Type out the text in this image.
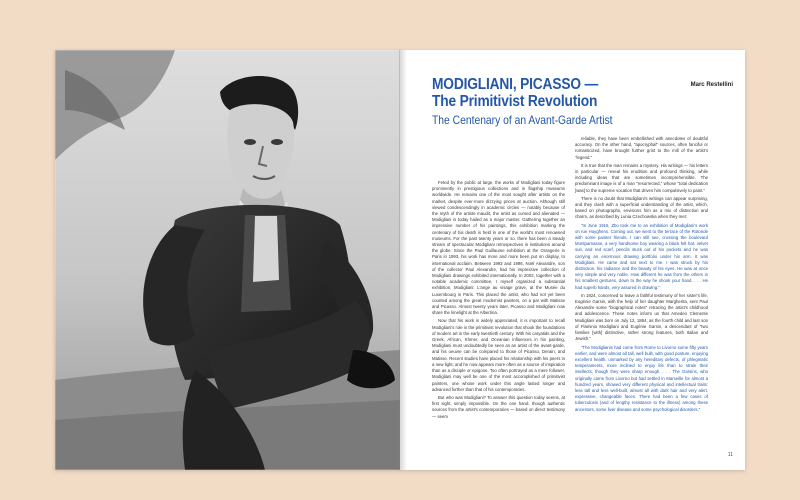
MODIGLIANI, PICASSO —
The Primitivist Revolution
The Centenary of an Avant-Garde Artist
Marc Restellini

Feted by the public at large, the works of Modigliani today figure prominently in prestigious collections and in flagship museums worldwide. He remains one of the most sought after artists on the market, despite ever-more dizzying prices at auction. Although still viewed condescendingly in academic circles — notably because of the myth of the artiste maudit, the artist as cursed and alienated — Modigliani is today hailed as a major master. Gathering together an impressive number of his paintings, this exhibition marking the centenary of his death is held in one of the world's most renowned museums. For the past twenty years or so, there has been a steady stream of spectacular Modigliani retrospectives in institutions around the globe. Since the Paul Guillaume exhibition at the Orangerie in Paris in 1993, his work has more and more been put on display, to international acclaim. Between 1993 and 1996, Noël Alexandre, son of the collector Paul Alexandre, had his impressive collection of Modigliani drawings exhibited internationally. In 2002, together with a notable academic committee, I myself organized a substantial exhibition, Modigliani: L'ange au visage grave, at the Musée du Luxembourg in Paris. This placed the artist, who had not yet been counted among the great modernist painters, on a par with Matisse and Picasso. Almost twenty years later, Picasso and Modigliani now share the limelight at the Albertina.

Now that his work is widely appreciated, it is important to recall Modigliani's role in the primitivist revolution that shook the foundations of modern art in the early twentieth century. With his caryatids and the Greek, African, Khmer, and Oceanian influences in his painting, Modigliani must undoubtedly be seen as an artist of the avant-garde, and his oeuvre can be compared to those of Picasso, Derain, and Matisse. Recent studies have placed his relationship with his peers in a new light; and he now appears more often as a source of inspiration than as a disciple or epigone. Too often portrayed as a mere follower, Modigliani may well be one of the most accomplished of primitivist painters, one whose work under this angle lasted longer and advanced further than that of his contemporaries.

But who was Modigliani? To answer this question today seems, at first sight, simply impossible. On the one hand, though authentic sources from the artist's contemporaries — based on direct testimony — seem

reliable, they have been embellished with anecdotes of doubtful accuracy. On the other hand, "apocryphal" sources, often fanciful or romanticized, have brought further grist to the mill of the artist's "legend."

It is true that the man remains a mystery. His writings — his letters in particular — reveal his erudition and profound thinking, while including ideas that are sometimes incomprehensible. The predominant image is of a man "resurrected," whose "total dedication [was] to the supreme vocation that drives him compulsively to paint."

There is no doubt that Modigliani's writings can appear surprising, and they clash with a superficial understanding of the artist, which, based on photographs, envisions him as a mix of distinction and charm, as described by Lunia Czechowska when they met:

"In June 1916, Zbo took me to an exhibition of Modigliani's work on rue Huyghens. Coming out, we went to the terrace of the Rotonde with some painter friends. I can still see, crossing the boulevard Montparnasse, a very handsome boy wearing a black felt hat, velvet suit, and red scarf, pencils stuck out of his pockets and he was carrying an enormous drawing portfolio under his arm. It was Modigliani. He came and sat next to me. I was struck by his distinction, his radiance and the beauty of his eyes. He was at once very simple and very noble. How different he was from the others in his smallest gestures, down to the way he shook your hand. . . . He had superb hands, very assured in drawing."

In 1924, concerned to leave a faithful testimony of her sister's life, Eugénie Garsin, with the help of her daughter Margherita, sent Paul Alexandre some "biographical notes" retracing the artist's childhood and adolescence. These notes inform us that Amedeo Clemente Modigliani was born on July 12, 1884, as the fourth child and last son of Flaminio Modigliani and Eugénie Garsin, a descendant of "two families [with] distinctive, rather strong features, both Italian and Jewish."

"The Modiglianis had come from Rome to Livorno some fifty years earlier, and were almost all tall, well built, with good posture, enjoying excellent health, unmarked by any hereditary defects, of phlegmatic temperaments, more inclined to enjoy life than to strain their intellects, though they were sharp enough. . . . The Garsins, who originally came from Livorno but had settled in Marseille for almost a hundred years, showed very different physical and intellectual traits: less tall and less well-built, almost all with dark hair and very alert, expressive, changeable faces. There had been a few cases of tuberculosis (and of lengthy resistance to the illness) among these ancestors, some liver disease and some psychological disorders."

11
